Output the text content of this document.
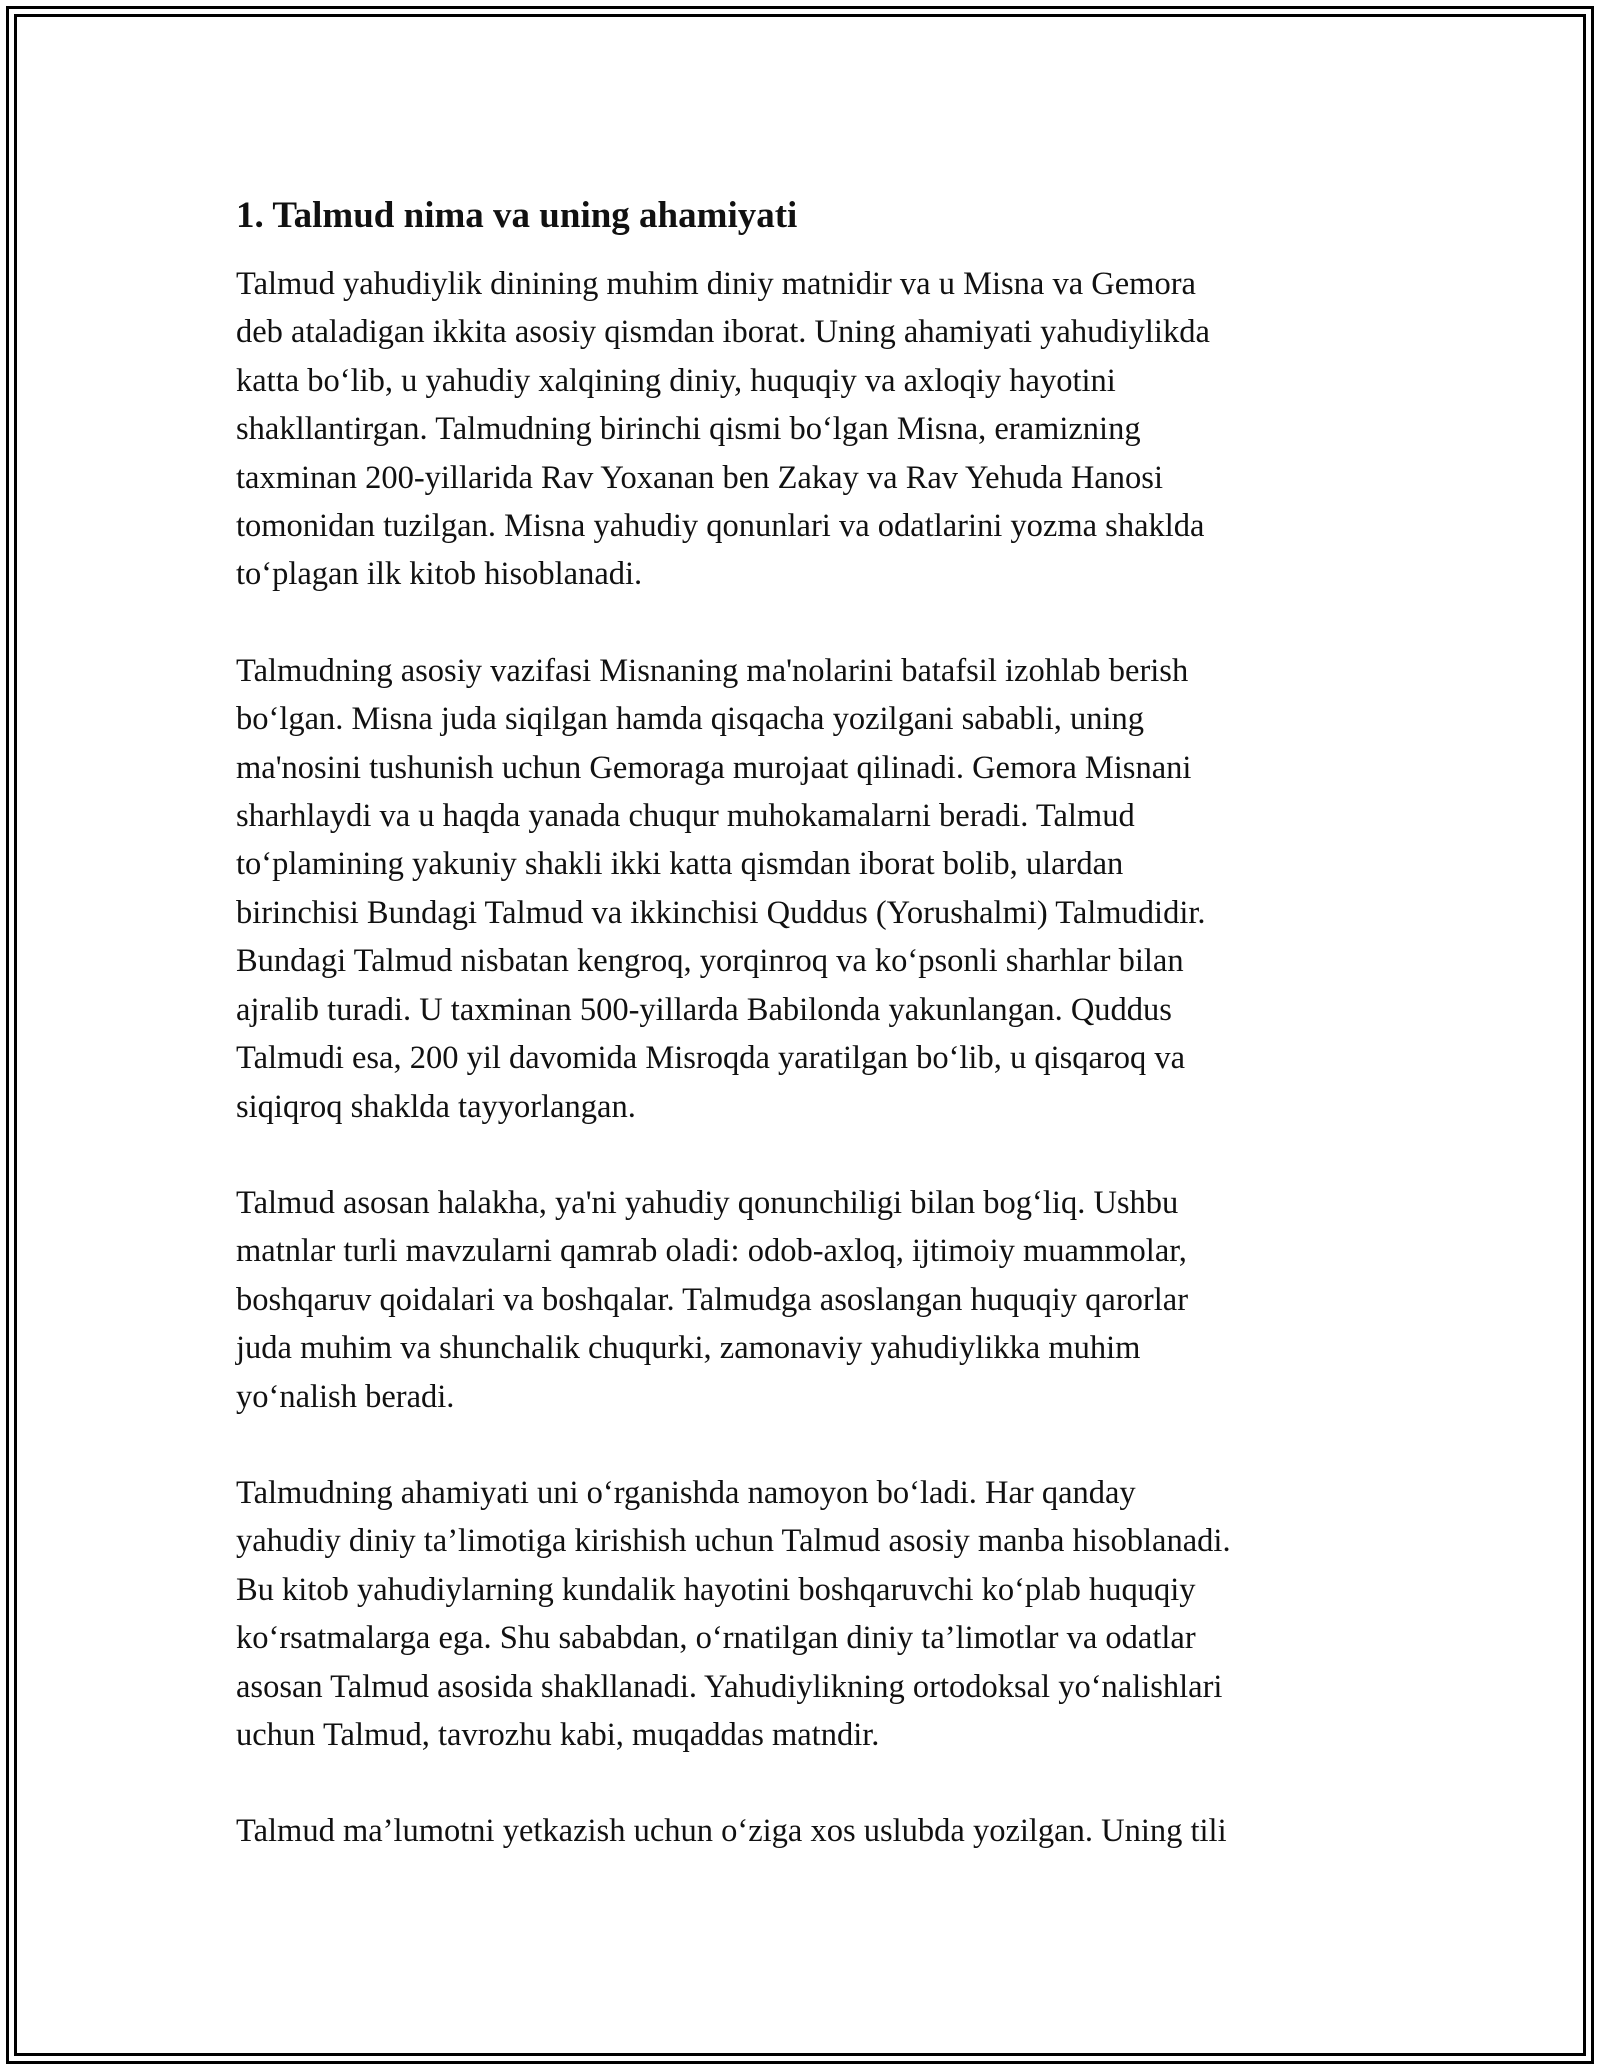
1. Talmud nima va uning ahamiyati
Talmud yahudiylik dinining muhim diniy matnidir va u Misna va Gemora
deb ataladigan ikkita asosiy qismdan iborat. Uning ahamiyati yahudiylikda
katta bo‘lib, u yahudiy xalqining diniy, huquqiy va axloqiy hayotini
shakllantirgan. Talmudning birinchi qismi bo‘lgan Misna, eramizning
taxminan 200-yillarida Rav Yoxanan ben Zakay va Rav Yehuda Hanosi
tomonidan tuzilgan. Misna yahudiy qonunlari va odatlarini yozma shaklda
to‘plagan ilk kitob hisoblanadi.
Talmudning asosiy vazifasi Misnaning ma'nolarini batafsil izohlab berish
bo‘lgan. Misna juda siqilgan hamda qisqacha yozilgani sababli, uning
ma'nosini tushunish uchun Gemoraga murojaat qilinadi. Gemora Misnani
sharhlaydi va u haqda yanada chuqur muhokamalarni beradi. Talmud
to‘plamining yakuniy shakli ikki katta qismdan iborat bolib, ulardan
birinchisi Bundagi Talmud va ikkinchisi Quddus (Yorushalmi) Talmudidir.
Bundagi Talmud nisbatan kengroq, yorqinroq va ko‘psonli sharhlar bilan
ajralib turadi. U taxminan 500-yillarda Babilonda yakunlangan. Quddus
Talmudi esa, 200 yil davomida Misroqda yaratilgan bo‘lib, u qisqaroq va
siqiqroq shaklda tayyorlangan.
Talmud asosan halakha, ya'ni yahudiy qonunchiligi bilan bog‘liq. Ushbu
matnlar turli mavzularni qamrab oladi: odob-axloq, ijtimoiy muammolar,
boshqaruv qoidalari va boshqalar. Talmudga asoslangan huquqiy qarorlar
juda muhim va shunchalik chuqurki, zamonaviy yahudiylikka muhim
yo‘nalish beradi.
Talmudning ahamiyati uni o‘rganishda namoyon bo‘ladi. Har qanday
yahudiy diniy ta’limotiga kirishish uchun Talmud asosiy manba hisoblanadi.
Bu kitob yahudiylarning kundalik hayotini boshqaruvchi ko‘plab huquqiy
ko‘rsatmalarga ega. Shu sababdan, o‘rnatilgan diniy ta’limotlar va odatlar
asosan Talmud asosida shakllanadi. Yahudiylikning ortodoksal yo‘nalishlari
uchun Talmud, tavrozhu kabi, muqaddas matndir.
Talmud ma’lumotni yetkazish uchun o‘ziga xos uslubda yozilgan. Uning tili
